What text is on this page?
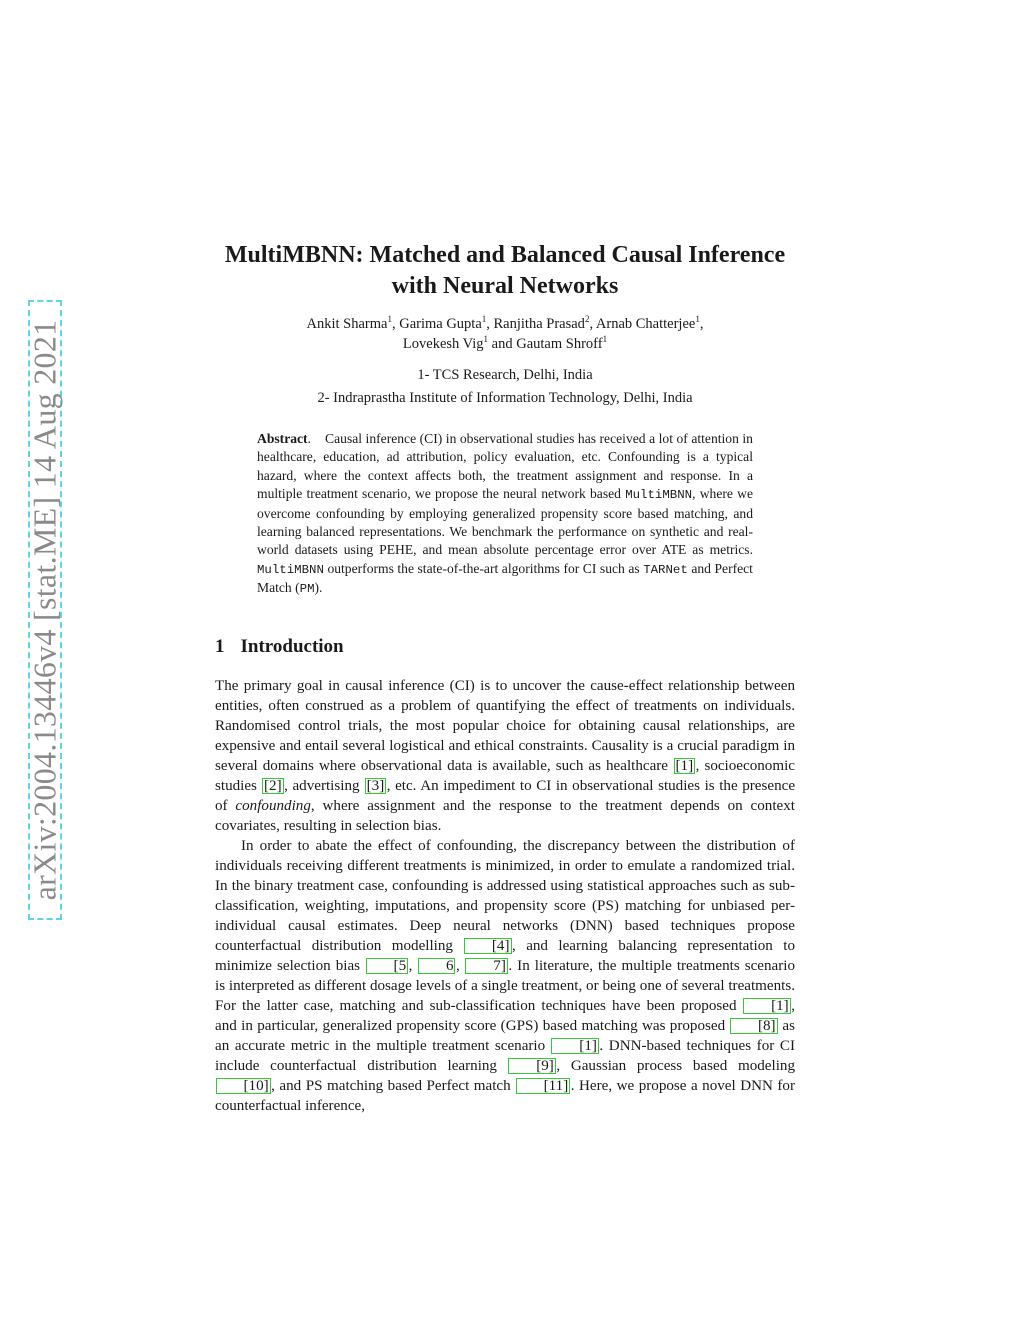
arXiv:2004.13446v4 [stat.ME] 14 Aug 2021
MultiMBNN: Matched and Balanced Causal Inference with Neural Networks
Ankit Sharma$^1$, Garima Gupta$^1$, Ranjitha Prasad$^2$, Arnab Chatterjee$^1$,
Lovekesh Vig$^1$ and Gautam Shroff$^1$
1- TCS Research, Delhi, India
2- Indraprastha Institute of Information Technology, Delhi, India
Abstract.    Causal inference (CI) in observational studies has received a lot of attention in healthcare, education, ad attribution, policy evaluation, etc. Confounding is a typical hazard, where the context affects both, the treatment assignment and response. In a multiple treatment scenario, we propose the neural network based MultiMBNN, where we overcome confounding by employing generalized propensity score based matching, and learning balanced representations. We benchmark the performance on synthetic and real-world datasets using PEHE, and mean absolute percentage error over ATE as metrics. MultiMBNN outperforms the state-of-the-art algorithms for CI such as TARNet and Perfect Match (PM).
1 Introduction

The primary goal in causal inference (CI) is to uncover the cause-effect relationship between entities, often construed as a problem of quantifying the effect of treatments on individuals. Randomised control trials, the most popular choice for obtaining causal relationships, are expensive and entail several logistical and ethical constraints. Causality is a crucial paradigm in several domains where observational data is available, such as healthcare [1] , socioeconomic studies [2] , advertising [3] , etc. An impediment to CI in observational studies is the presence of confounding, where assignment and the response to the treatment depends on context covariates, resulting in selection bias.

In order to abate the effect of confounding, the discrepancy between the distribution of individuals receiving different treatments is minimized, in order to emulate a randomized trial. In the binary treatment case, confounding is addressed using statistical approaches such as sub-classification, weighting, imputations, and propensity score (PS) matching for unbiased per-individual causal estimates. Deep neural networks (DNN) based techniques propose counterfactual distribution modelling [4] , and learning balancing representation to minimize selection bias [5 , 6 , 7] . In literature, the multiple treatments scenario is interpreted as different dosage levels of a single treatment, or being one of several treatments. For the latter case, matching and sub-classification techniques have been proposed [1] , and in particular, generalized propensity score (GPS) based matching was proposed [8] as an accurate metric in the multiple treatment scenario [1] . DNN-based techniques for CI include counterfactual distribution learning [9] , Gaussian process based modeling[10] , and PS matching based Perfect match [11] . Here, we propose a novel DNN for counterfactual inference,
